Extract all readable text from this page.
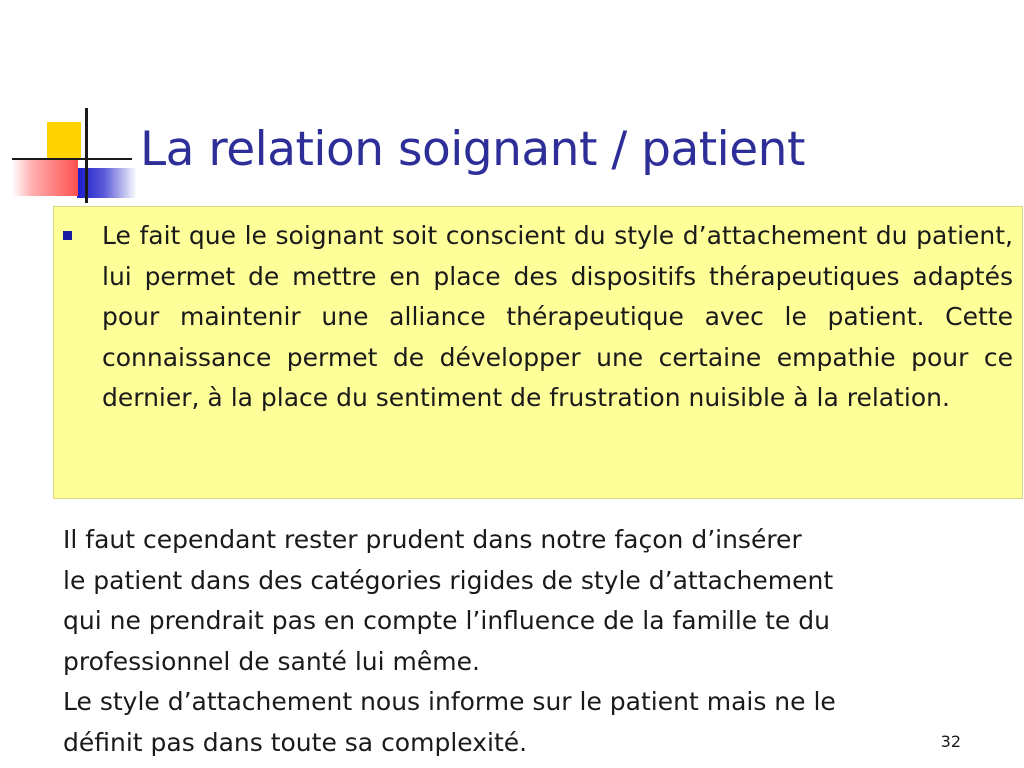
La relation soignant / patient

Le fait que le soignant soit conscient du style d’attachement du patient, lui permet de mettre en place des dispositifs thérapeutiques adaptés pour maintenir une alliance thérapeutique avec le patient. Cette connaissance permet de développer une certaine empathie pour ce dernier, à la place du sentiment de frustration nuisible à la relation.

Il faut cependant rester prudent dans notre façon d’insérer
le patient dans des catégories rigides de style d’attachement
qui ne prendrait pas en compte l’influence de la famille te du
professionnel de santé lui même.
Le style d’attachement nous informe sur le patient mais ne le
définit pas dans toute sa complexité.	32
